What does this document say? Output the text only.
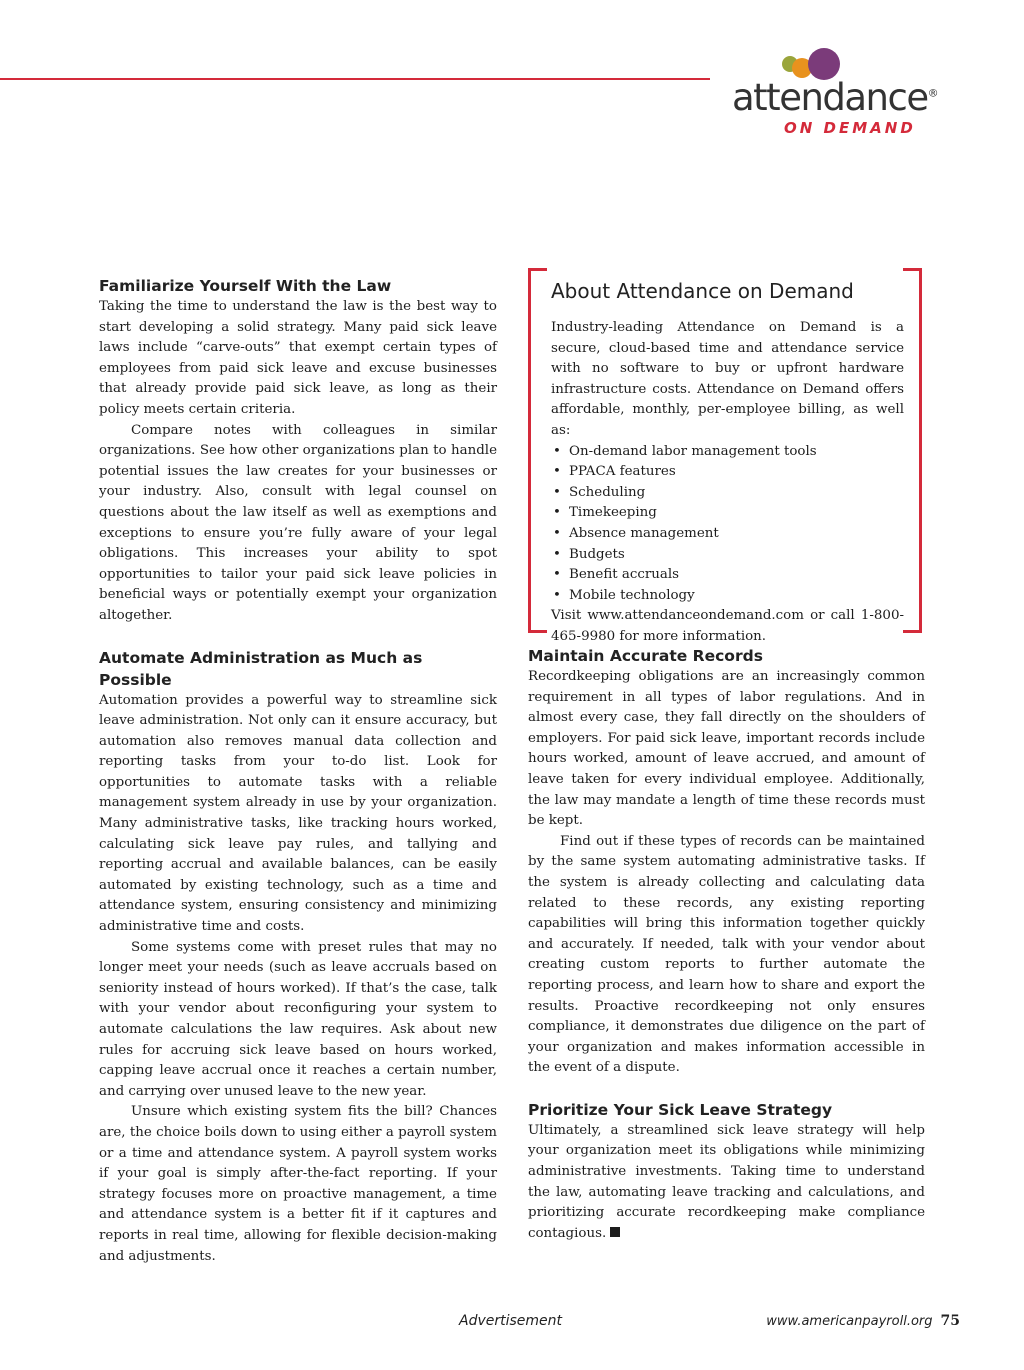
attendance®
ON DEMAND
Familiarize Yourself With the Law

Taking the time to understand the law is the best way to start developing a solid strategy. Many paid sick leave laws include “carve-outs” that exempt certain types of employees from paid sick leave and excuse businesses that already provide paid sick leave, as long as their policy meets certain criteria.

Compare notes with colleagues in similar organizations. See how other organizations plan to handle potential issues the law creates for your businesses or your industry. Also, consult with legal counsel on questions about the law itself as well as exemptions and exceptions to ensure you’re fully aware of your legal obligations. This increases your ability to spot opportunities to tailor your paid sick leave policies in beneficial ways or potentially exempt your organization altogether.

Automate Administration as Much as Possible

Automation provides a powerful way to streamline sick leave administration. Not only can it ensure accuracy, but automation also removes manual data collection and reporting tasks from your to-do list. Look for opportunities to automate tasks with a reliable management system already in use by your organization. Many administrative tasks, like tracking hours worked, calculating sick leave pay rules, and tallying and reporting accrual and available balances, can be easily automated by existing technology, such as a time and attendance system, ensuring consistency and minimizing administrative time and costs.

Some systems come with preset rules that may no longer meet your needs (such as leave accruals based on seniority instead of hours worked). If that’s the case, talk with your vendor about reconfiguring your system to automate calculations the law requires. Ask about new rules for accruing sick leave based on hours worked, capping leave accrual once it reaches a certain number, and carrying over unused leave to the new year.

Unsure which existing system fits the bill? Chances are, the choice boils down to using either a payroll system or a time and attendance system. A payroll system works if your goal is simply after-the-fact reporting. If your strategy focuses more on proactive management, a time and attendance system is a better fit if it captures and reports in real time, allowing for flexible decision-making and adjustments.

About Attendance on Demand

Industry-leading Attendance on Demand is a secure, cloud-based time and attendance service with no software to buy or upfront hardware infrastructure costs. Attendance on Demand offers affordable, monthly, per-employee billing, as well as:

• On-demand labor management tools
• PPACA features
• Scheduling
• Timekeeping
• Absence management
• Budgets
• Benefit accruals
• Mobile technology

Visit www.attendanceondemand.com or call 1-800-465-9980 for more information.

Maintain Accurate Records

Recordkeeping obligations are an increasingly common requirement in all types of labor regulations. And in almost every case, they fall directly on the shoulders of employers. For paid sick leave, important records include hours worked, amount of leave accrued, and amount of leave taken for every individual employee. Additionally, the law may mandate a length of time these records must be kept.

Find out if these types of records can be maintained by the same system automating administrative tasks. If the system is already collecting and calculating data related to these records, any existing reporting capabilities will bring this information together quickly and accurately. If needed, talk with your vendor about creating custom reports to further automate the reporting process, and learn how to share and export the results. Proactive recordkeeping not only ensures compliance, it demonstrates due diligence on the part of your organization and makes information accessible in the event of a dispute.

Prioritize Your Sick Leave Strategy

Ultimately, a streamlined sick leave strategy will help your organization meet its obligations while minimizing administrative investments. Taking time to understand the law, automating leave tracking and calculations, and prioritizing accurate recordkeeping make compliance contagious.

Advertisement	www.americanpayroll.org 75
